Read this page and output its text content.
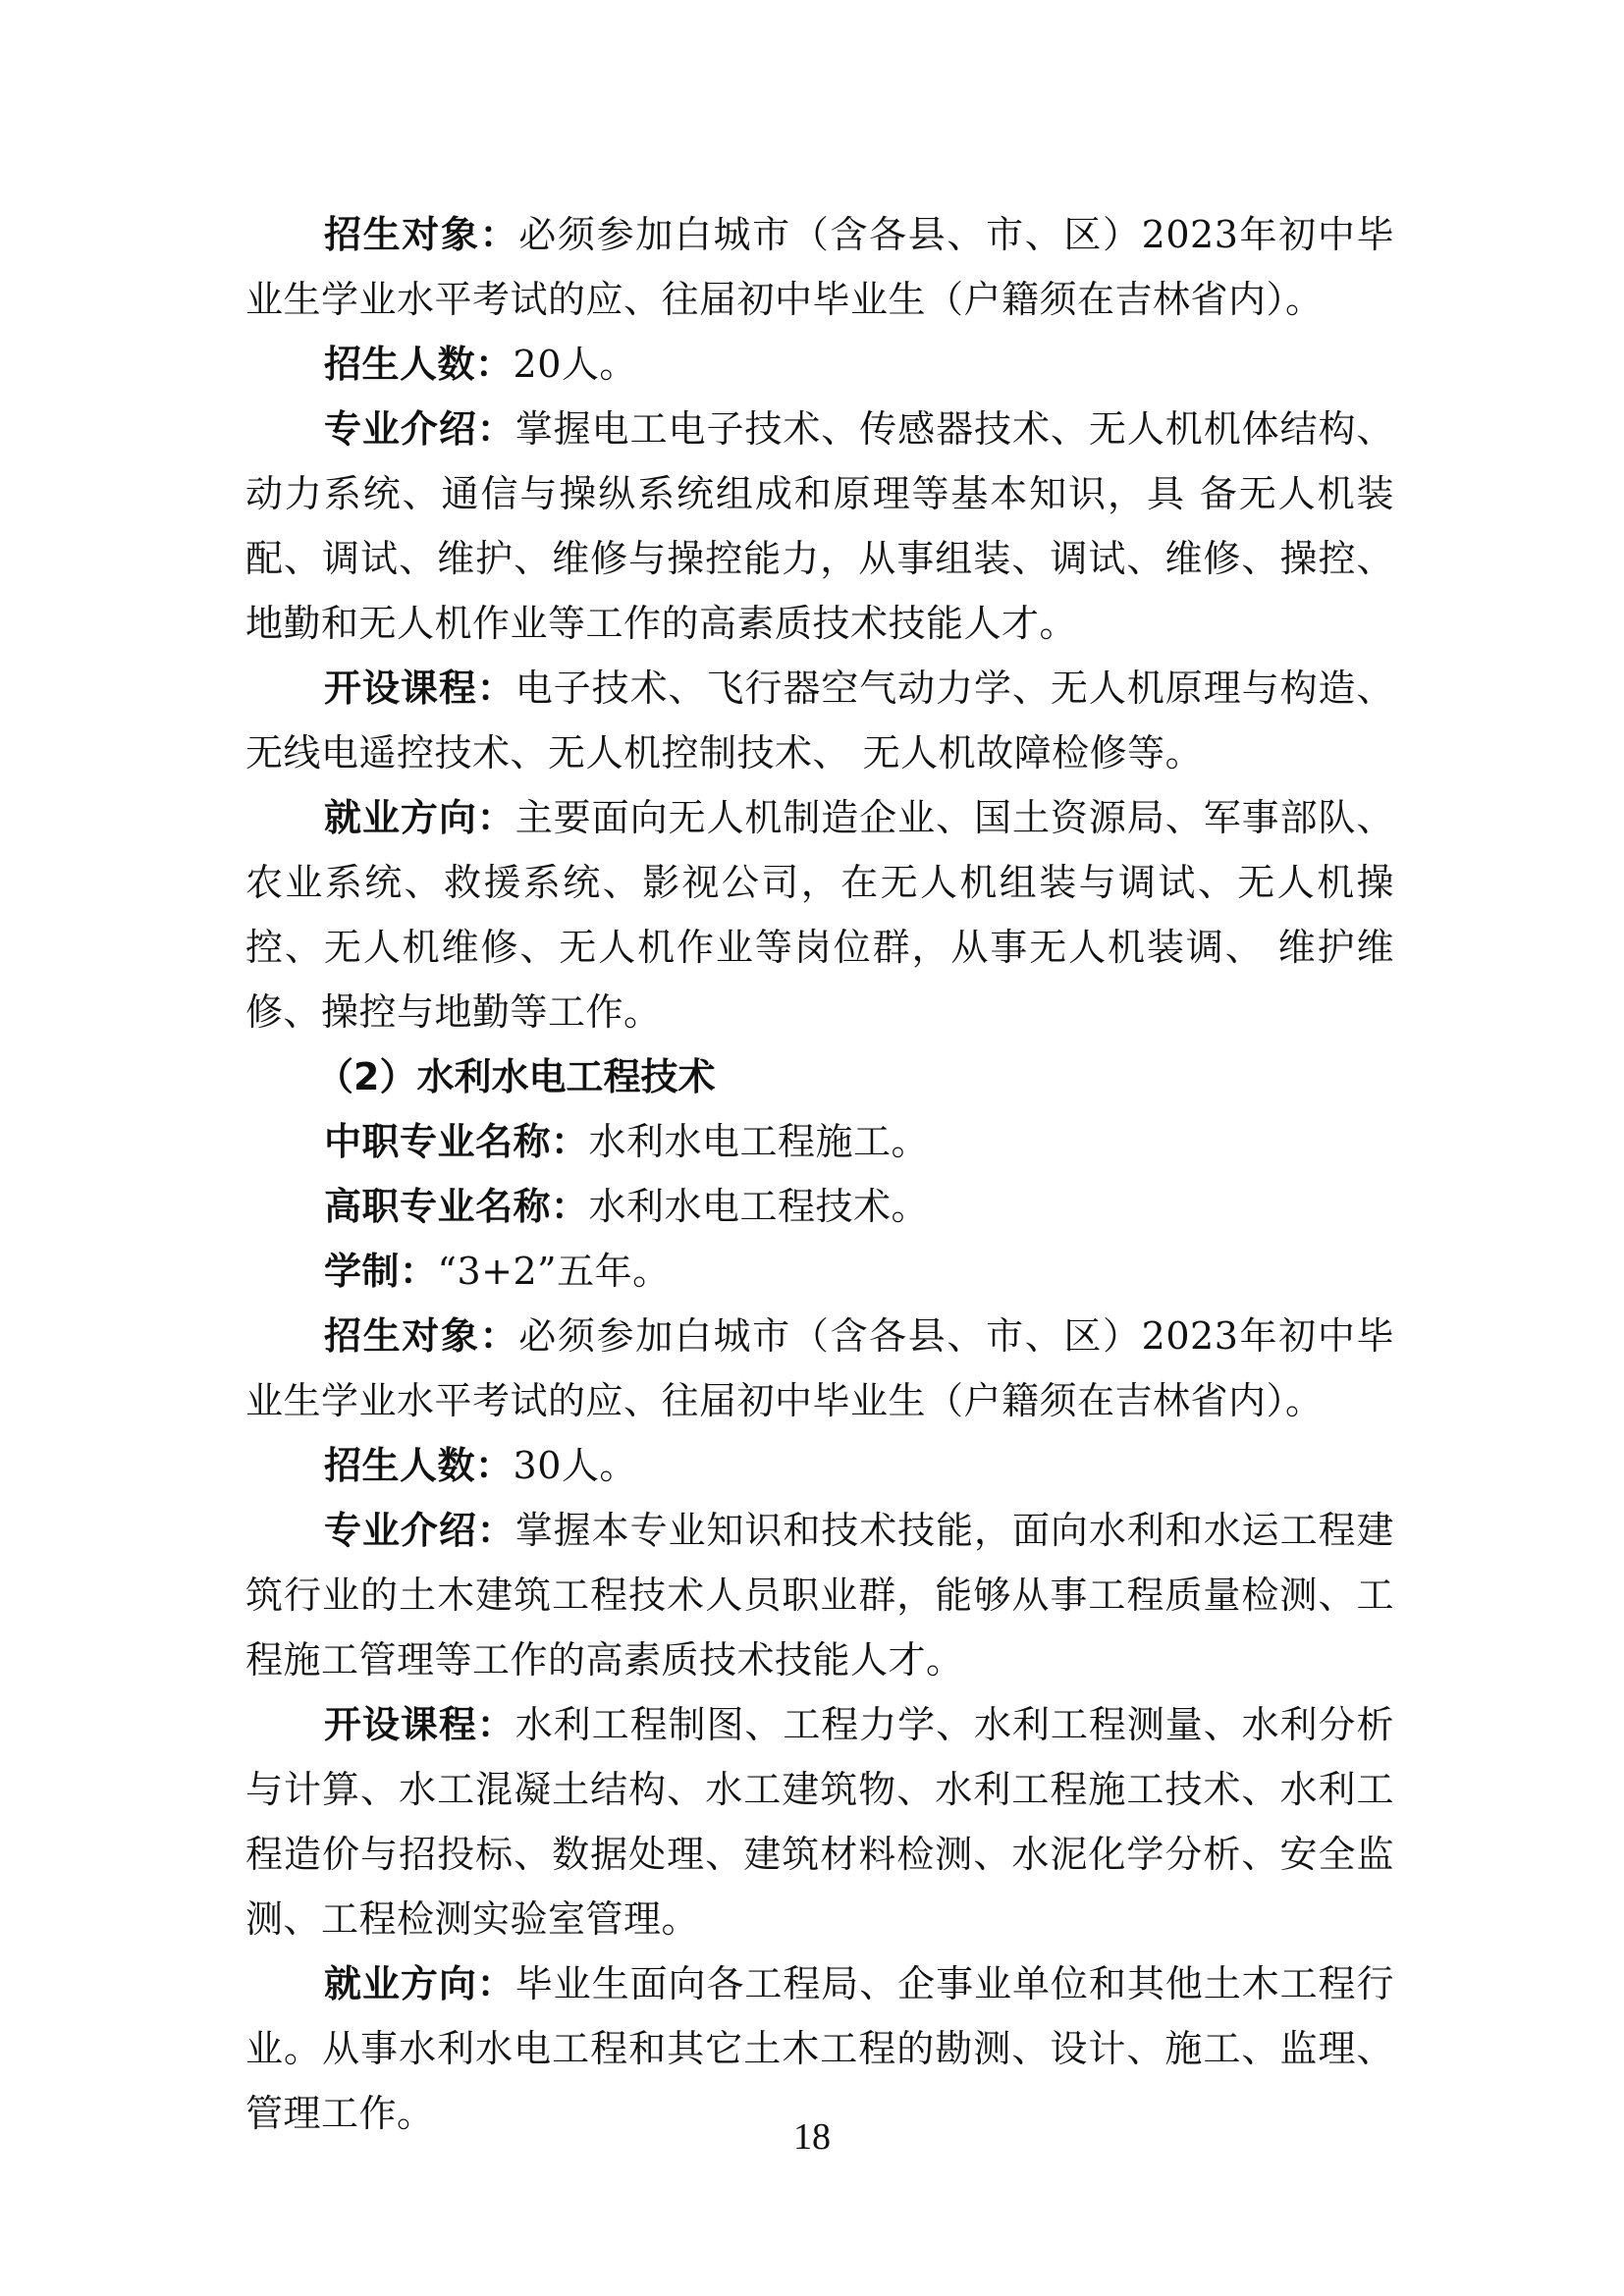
招生对象：必须参加白城市（含各县、市、区）2023年初中毕业生学业水平考试的应、往届初中毕业生（户籍须在吉林省内）。

招生人数：20人。

专业介绍：掌握电工电子技术、传感器技术、无人机机体结构、动力系统、通信与操纵系统组成和原理等基本知识，具 备无人机装配、调试、维护、维修与操控能力，从事组装、调试、维修、操控、地勤和无人机作业等工作的高素质技术技能人才。

开设课程：电子技术、飞行器空气动力学、无人机原理与构造、无线电遥控技术、无人机控制技术、 无人机故障检修等。

就业方向：主要面向无人机制造企业、国土资源局、军事部队、农业系统、救援系统、影视公司，在无人机组装与调试、无人机操控、无人机维修、无人机作业等岗位群，从事无人机装调、 维护维修、操控与地勤等工作。

（2）水利水电工程技术

中职专业名称：水利水电工程施工。

高职专业名称：水利水电工程技术。

学制：“3+2”五年。

招生对象：必须参加白城市（含各县、市、区）2023年初中毕业生学业水平考试的应、往届初中毕业生（户籍须在吉林省内）。

招生人数：30人。

专业介绍：掌握本专业知识和技术技能，面向水利和水运工程建筑行业的土木建筑工程技术人员职业群，能够从事工程质量检测、工程施工管理等工作的高素质技术技能人才。

开设课程：水利工程制图、工程力学、水利工程测量、水利分析与计算、水工混凝土结构、水工建筑物、水利工程施工技术、水利工程造价与招投标、数据处理、建筑材料检测、水泥化学分析、安全监测、工程检测实验室管理。

就业方向：毕业生面向各工程局、企事业单位和其他土木工程行业。从事水利水电工程和其它土木工程的勘测、设计、施工、监理、管理工作。

18
